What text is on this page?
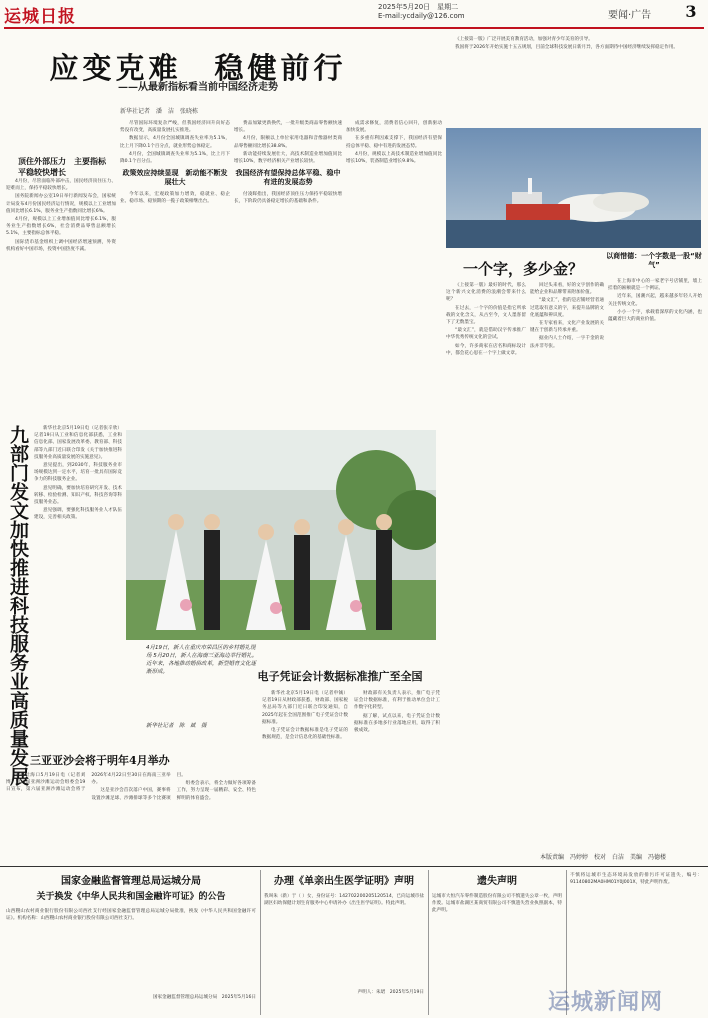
运城日报	2025年5月20日　星期二
E-mail:ycdaily@126.com	要闻·广告	3
应变克难　稳健前行
——从最新指标看当前中国经济走势
新华社记者　潘　洁　张晓栋
顶住外部压力　主要指标平稳较快增长

4月份，尽管面临外部冲击，国民经济顶住压力、迎难而上，保持平稳较快增长。

国务院新闻办公室19日举行新闻发布会，国家统计局发布4月份国民经济运行情况，规模以上工业增加值同比增长6.1%，服务业生产指数同比增长6%。

4月份，规模以上工业增加值同比增长6.1%，服务业生产指数增长6%，社会消费品零售总额增长5.1%，主要指标总体平稳。

国际货币基金组织上调中国经济增速预测，外资机构看好中国市场，投资中国热度不减。

尽管国际环境复杂严峻，但我国经济回升向好态势没有改变，高质量发展扎实推进。

数据显示，4月份全国城镇调查失业率为5.1%，比上月下降0.1个百分点，就业形势总体稳定。

4月份，全国城镇调查失业率为5.1%，比上月下降0.1个百分点。

政策效应持续显现　新动能不断发展壮大

今年以来，宏观政策加力增效，稳就业、稳企业、稳市场、稳预期的一揽子政策相继出台。

费品加紧更新换代，一批升级类商品零售额快速增长。

4月份，限额以上单位家用电器和音像器材类商品零售额同比增长38.8%。

新动能持续发展壮大，高技术制造业增加值同比增长10%，数字经济相关产业增长较快。

我国经济有望保持总体平稳、稳中有进的发展态势

付凌晖指出，我国经济顶住压力保持平稳较快增长，下阶段仍具备稳定增长的基础和条件。

成需求修复，消费者信心回升，创新驱动加快发展。

在多重有利因素支撑下，我国经济有望保持总体平稳、稳中有进的发展态势。

4月份，规模以上高技术制造业增加值同比增长10%，装备制造业增长9.8%。

《上接第一版》广泛开展美育教育活动，加强对青少年美育的引导。

我国将于2026年开始实施十五五规划，目前全球科技发展日新月异，各方面期待中国经济继续发挥稳定作用。

一个字，多少金？
以商惜德：一个字数是一股“财气”

《上接第一版》最好的时代，那么这个新兴文化消费的浪潮会带来什么呢？

在过去，一个字的价值是指它所承载的文化含义，从古至今，文人墨客留下了无数墨宝。

“最文汇”，就是借助汉字传承推广中华优秀传统文化的尝试。

如今，许多商家在店名和商标设计中，都会花心思在一个字上做文章。

回过头来看，好的文字创作的确能给企业和品牌带来附加价值。

“最文汇”，指的是店铺经营者通过选取有意义的字，来提升品牌的文化底蕴和辨识度。

在专家看来，文化产业发展的关键在于创新与传承并重。

据业内人士介绍，一字千金的说法并非夸张。

在上海市中心的一家老字号店铺里，墙上挂着的匾额就是一个例证。

近年来，国潮兴起，越来越多年轻人开始关注传统文化。

小小一个字，承载着深厚的文化内涵，也蕴藏着巨大的商业价值。

本版责编　冯婷婷　校对　白洁　美编　冯德楼
九部门发文加快推进科技服务业高质量发展	新华社北京5月19日电（记者张辛欣）记者19日从工业和信息化部获悉，工业和信息化部、国家发展改革委、教育部、科技部等九部门近日联合印发《关于加快推进科技服务业高质量发展的实施意见》。

意见提出，到2030年，科技服务业市场规模达到一定水平，培育一批具有国际竞争力的科技服务企业。

意见明确，要加快培育研究开发、技术转移、检验检测、知识产权、科技咨询等科技服务业态。

意见强调，要强化科技服务业人才队伍建设，完善相关政策。

4月19日，新人在重庆市荣昌区的乡村婚礼现场 5月20日，新人在海南三亚海边举行婚礼。近年来，各地推动婚俗改革，新型婚育文化逐渐形成。
新华社记者　陈　斌　摄
电子凭证会计数据标准推广至全国

新华社北京5月19日电（记者申铖）记者19日从财政部获悉，财政部、国家税务总局等九部门近日联合印发通知，自2025年起在全国范围推广电子凭证会计数据标准。

电子凭证会计数据标准是电子凭证的数据规范，是会计信息化的基础性标准。

财政部有关负责人表示，推广电子凭证会计数据标准，有利于推动单位会计工作数字化转型。

据了解，试点以来，电子凭证会计数据标准在多地多行业落地应用，取得了积极成效。

三亚亚沙会将于明年4月举办

新华社海口5月19日电（记者刘博）第六届亚洲沙滩运动会组委会19日宣布，第六届亚洲沙滩运动会将于2026年4月22日至30日在海南三亚举办。

这是亚沙会首次落户中国，赛事将设置沙滩足球、沙滩排球等多个比赛项目。

组委会表示，将全力做好各项筹备工作，努力呈现一届精彩、安全、特色鲜明的体育盛会。

国家金融监督管理总局运城分局
关于换发《中华人民共和国金融许可证》的公告
山西稷山农村商业银行股份有限公司西社支行经国家金融监督管理总局运城分局批准，换发《中华人民共和国金融许可证》。机构名称：山西稷山农村商业银行股份有限公司西社支行。
国家金融监督管理总局运城分局　2025年5月16日
办理《单亲出生医学证明》声明
我叫朱（新）于（ ）女，身份证号：142702200205120514，已向运城市盐湖区妇幼保健计划生育服务中心申请补办《出生医学证明》。特此声明。
声明人：朱珺　2025年5月19日
遗失声明
运城市大恒汽车零件制造股份有限公司不慎遗失公章一枚，声明作废。运城市盐湖区某商贸有限公司不慎遗失营业执照副本，特此声明。
不慎将运城市生态环境局发放的排污许可证遗失，编号：91140802MA0HM01Y0J001X，特此声明作废。
运城新闻网
